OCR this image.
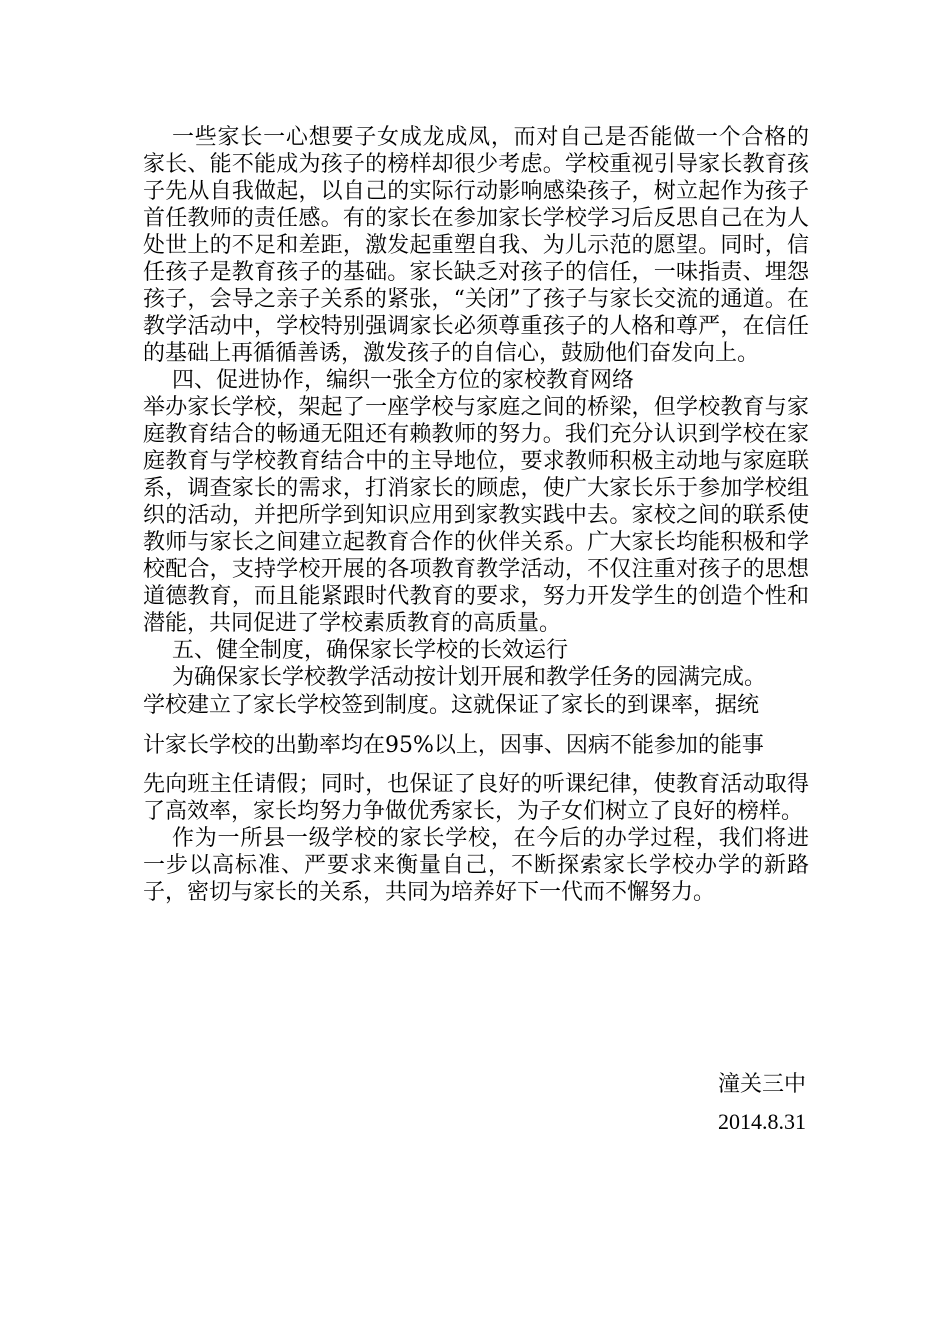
一些家长一心想要子女成龙成凤，而对自己是否能做一个合格的家长、能不能成为孩子的榜样却很少考虑。学校重视引导家长教育孩子先从自我做起，以自己的实际行动影响感染孩子，树立起作为孩子首任教师的责任感。有的家长在参加家长学校学习后反思自己在为人处世上的不足和差距，激发起重塑自我、为儿示范的愿望。同时，信任孩子是教育孩子的基础。家长缺乏对孩子的信任，一味指责、埋怨孩子，会导之亲子关系的紧张，“关闭”了孩子与家长交流的通道。在教学活动中，学校特别强调家长必须尊重孩子的人格和尊严，在信任的基础上再循循善诱，激发孩子的自信心，鼓励他们奋发向上。

四、促进协作，编织一张全方位的家校教育网络

举办家长学校，架起了一座学校与家庭之间的桥梁，但学校教育与家庭教育结合的畅通无阻还有赖教师的努力。我们充分认识到学校在家庭教育与学校教育结合中的主导地位，要求教师积极主动地与家庭联系，调查家长的需求，打消家长的顾虑，使广大家长乐于参加学校组织的活动，并把所学到知识应用到家教实践中去。家校之间的联系使教师与家长之间建立起教育合作的伙伴关系。广大家长均能积极和学校配合，支持学校开展的各项教育教学活动，不仅注重对孩子的思想道德教育，而且能紧跟时代教育的要求，努力开发学生的创造个性和潜能，共同促进了学校素质教育的高质量。

五、健全制度，确保家长学校的长效运行

为确保家长学校教学活动按计划开展和教学任务的园满完成。

学校建立了家长学校签到制度。这就保证了家长的到课率，据统

计家长学校的出勤率均在95%以上，因事、因病不能参加的能事

先向班主任请假；同时，也保证了良好的听课纪律，使教育活动取得了高效率，家长均努力争做优秀家长，为子女们树立了良好的榜样。

作为一所县一级学校的家长学校，在今后的办学过程，我们将进一步以高标准、严要求来衡量自己，不断探索家长学校办学的新路子，密切与家长的关系，共同为培养好下一代而不懈努力。

潼关三中
2014.8.31
